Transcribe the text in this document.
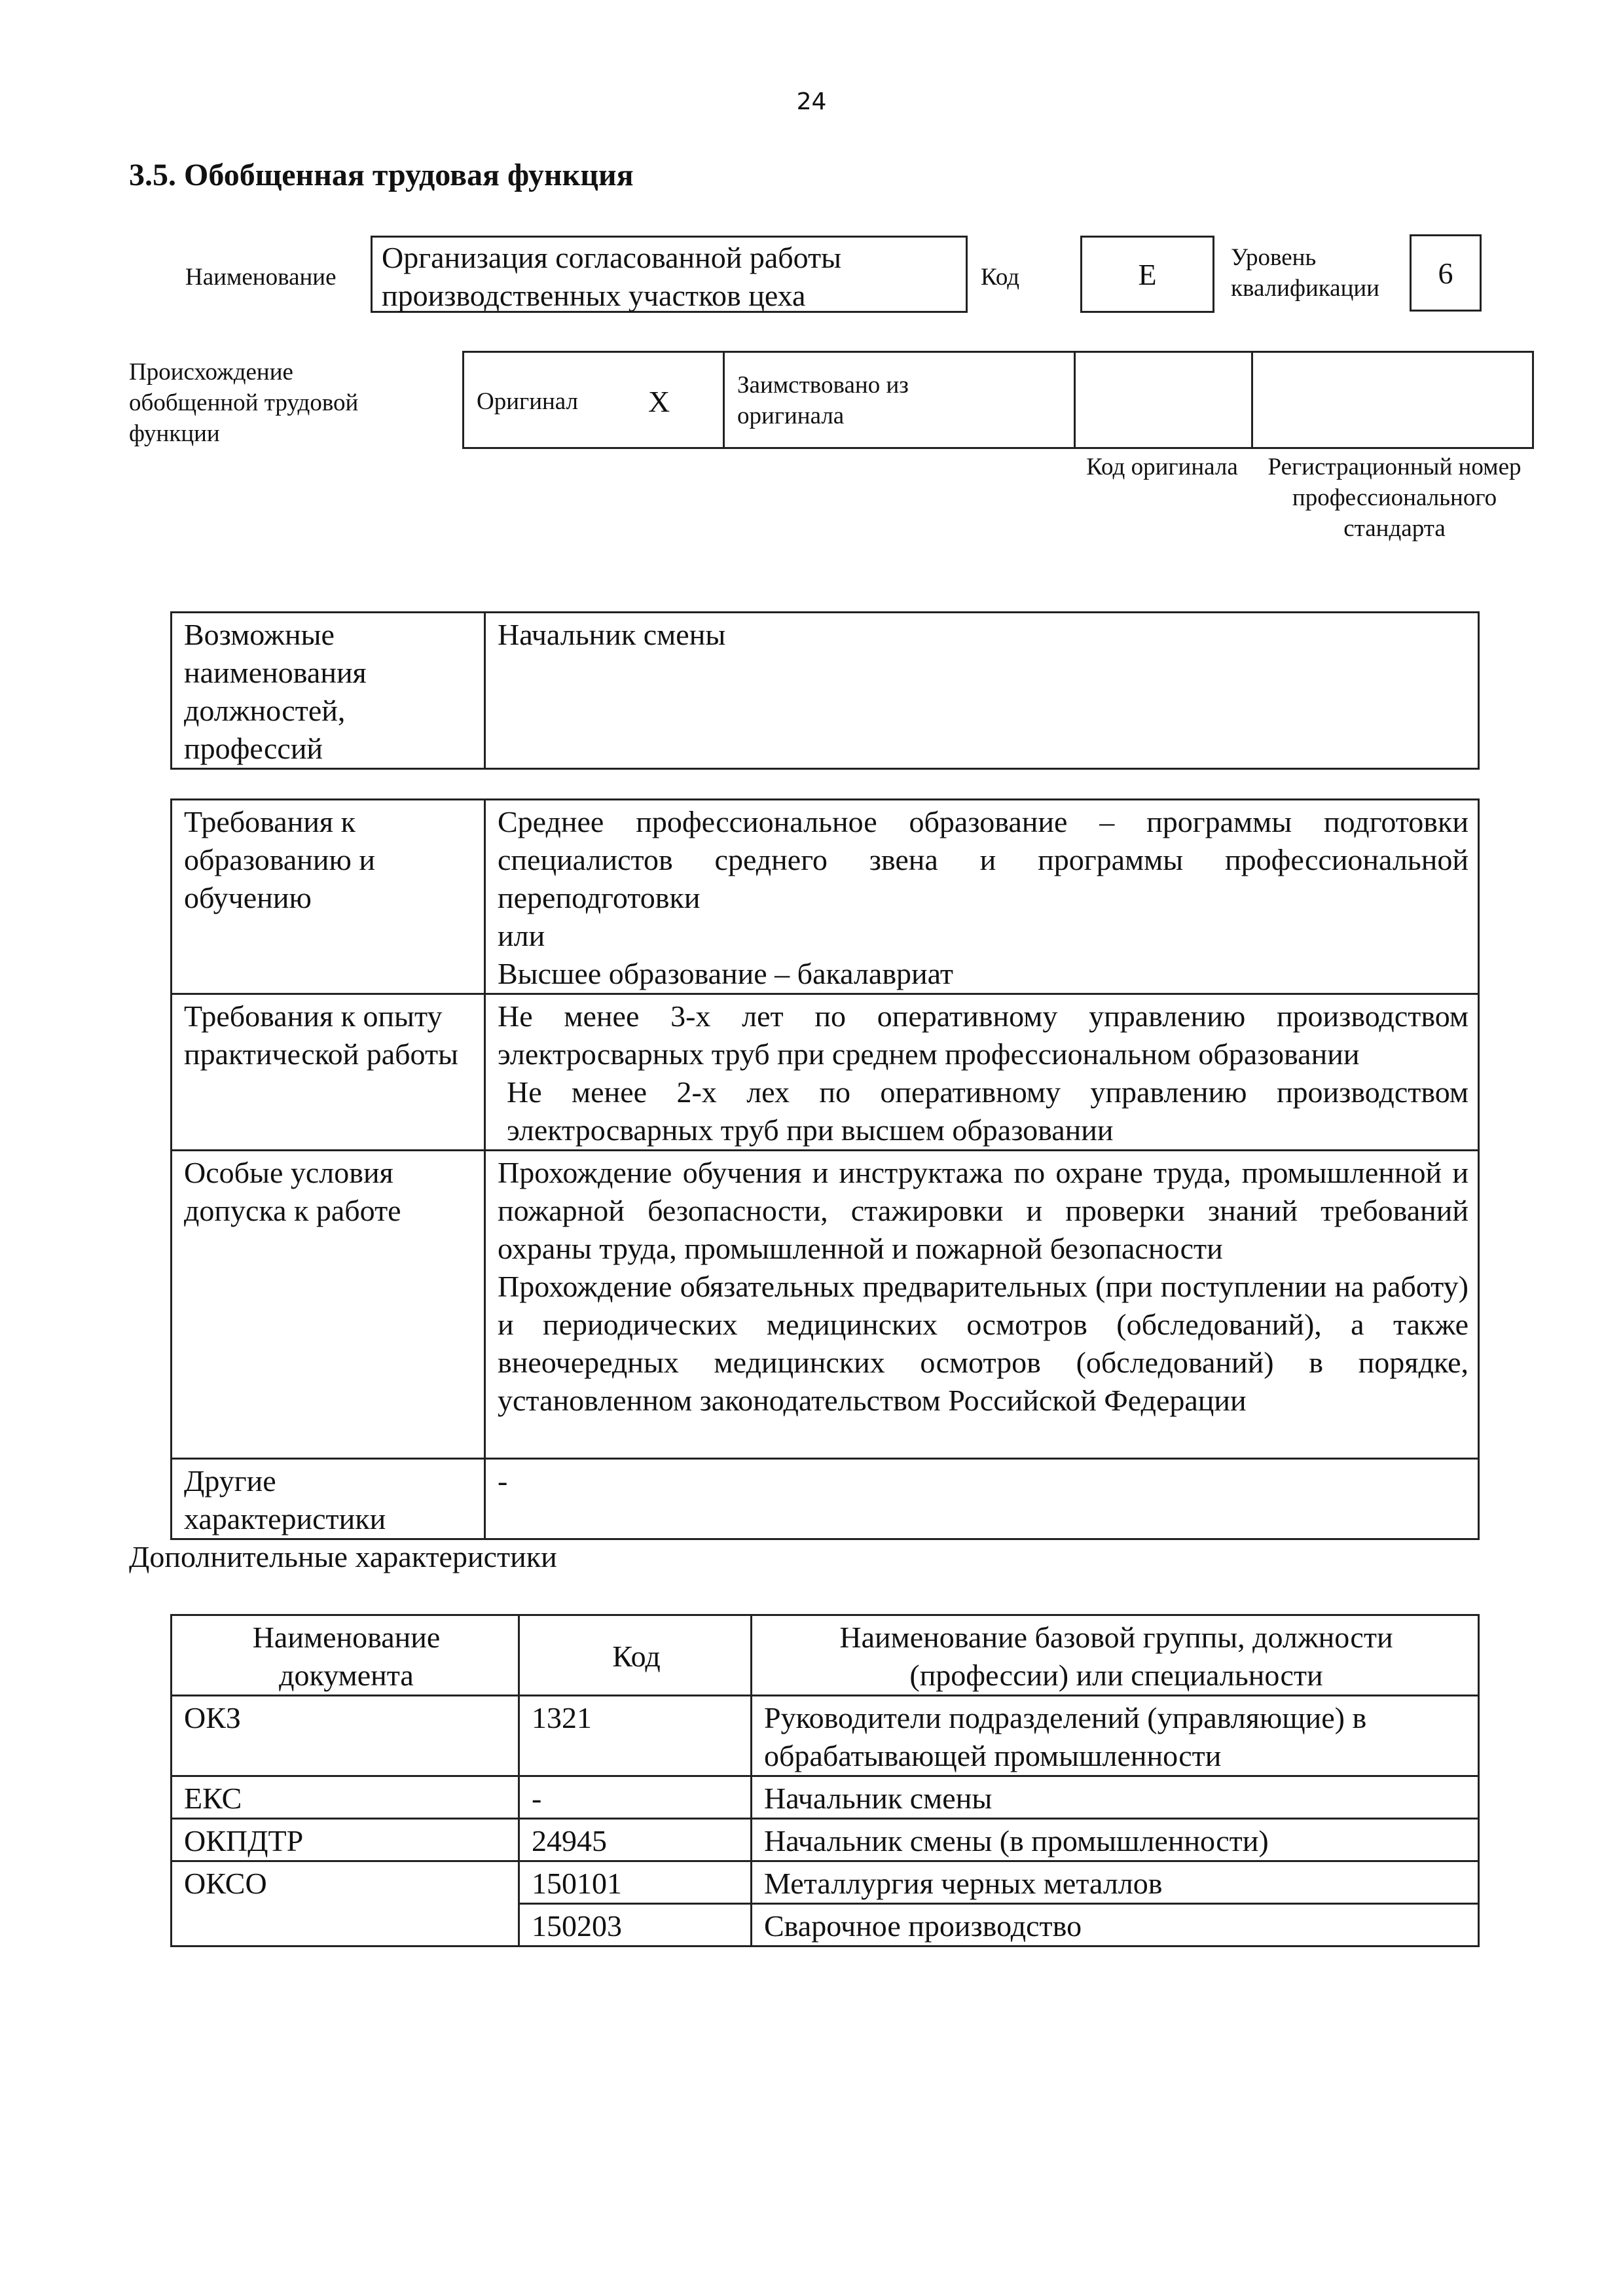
24
3.5. Обобщенная трудовая функция
Наименование
Организация согласованной работы производственных участков цеха
Код	E
Уровень квалификации	6
Происхождение обобщенной трудовой функции
Оригинал X	Заимствовано из оригинала
Код оригинала	Регистрационный номер профессионального стандарта
Возможные наименования должностей, профессий	Начальник смены
Требования к образованию и обучению	Среднее профессиональное образование – программы подготовки специалистов среднего звена и программы профессиональной переподготовки
или
Высшее образование – бакалавриат

Требования к опыту практической работы	Не менее 3-х лет по оперативному управлению производством электросварных труб при среднем профессиональном образовании
Не менее 2-х лех по оперативному управлению производством электросварных труб при высшем образовании

Особые условия допуска к работе	Прохождение обучения и инструктажа по охране труда, промышленной и пожарной безопасности, стажировки и проверки знаний требований охраны труда, промышленной и пожарной безопасности
Прохождение обязательных предварительных (при поступлении на работу) и периодических медицинских осмотров (обследований), а также внеочередных медицинских осмотров (обследований) в порядке, установленном законодательством Российской Федерации

Другие характеристики	-
Дополнительные характеристики
Наименование документа	Код	Наименование базовой группы, должности (профессии) или специальности
ОКЗ	1321	Руководители подразделений (управляющие) в обрабатывающей промышленности
ЕКС	-	Начальник смены
ОКПДТР	24945	Начальник смены (в промышленности)
ОКСО	150101	Металлургия черных металлов
	150203	Сварочное производство
